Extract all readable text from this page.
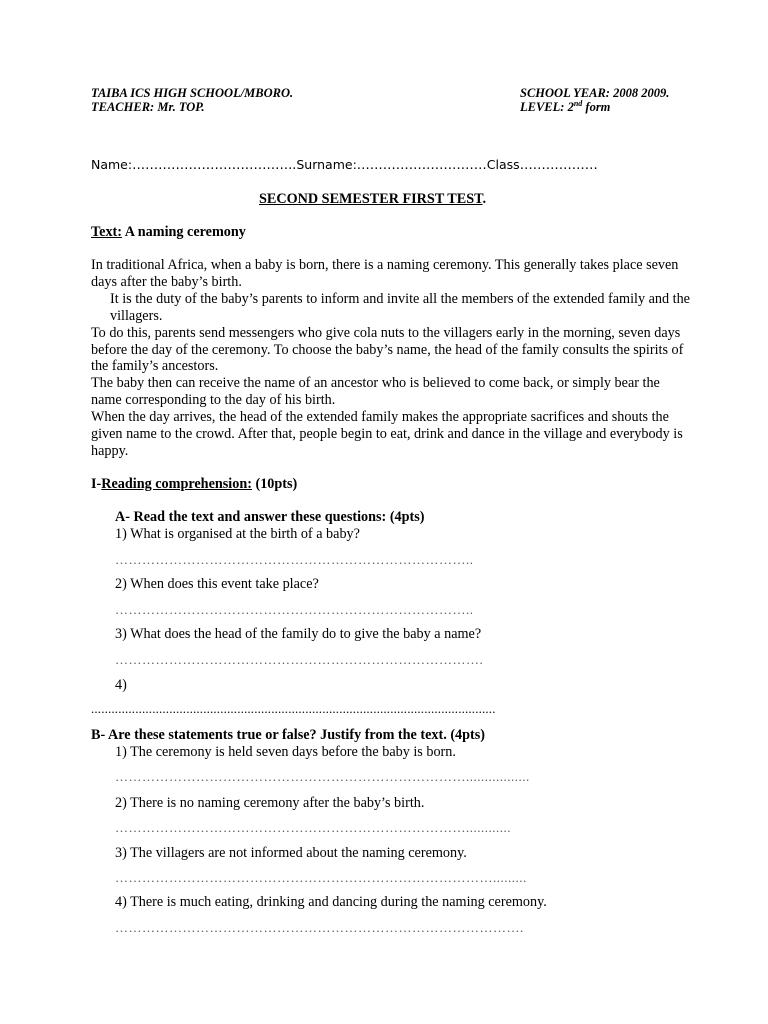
TAIBA ICS HIGH SCHOOL/MBORO.
TEACHER: Mr. TOP.
SCHOOL YEAR: 2008 2009.
LEVEL: 2nd form
Name:………………………………..Surname:…………………………Class………………
SECOND SEMESTER FIRST TEST.
Text: A naming ceremony

In traditional Africa, when a baby is born, there is a naming ceremony. This generally takes place seven days after the baby’s birth.

It is the duty of the baby’s parents to inform and invite all the members of the extended family and the villagers.

To do this, parents send messengers who give cola nuts to the villagers early in the morning, seven days before the day of the ceremony. To choose the baby’s name, the head of the family consults the spirits of the family’s ancestors.

The baby then can receive the name of an ancestor who is believed to come back, or simply bear the name corresponding to the day of his birth.

When the day arrives, the head of the extended family makes the appropriate sacrifices and shouts the given name to the crowd. After that, people begin to eat, drink and dance in the village and everybody is happy.

I-Reading comprehension: (10pts)
A- Read the text and answer these questions: (4pts)
1) What is organised at the birth of a baby?
……………………………………………………………………..
2) When does this event take place?
……………………………………………………………………..
3) What does the head of the family do to give the baby a name?
……………………………………………………………………….
4)
.......................................................................................................................
B- Are these statements true or false? Justify from the text. (4pts)
1) The ceremony is held seven days before the baby is born.
…………………………………………………………………….................
2) There is no naming ceremony after the baby’s birth.
……………………………………………………………………............
3) The villagers are not informed about the naming ceremony.
………………………………………………………………………….........
4) There is much eating, drinking and dancing during the naming ceremony.
……………………………………………………………………………….
